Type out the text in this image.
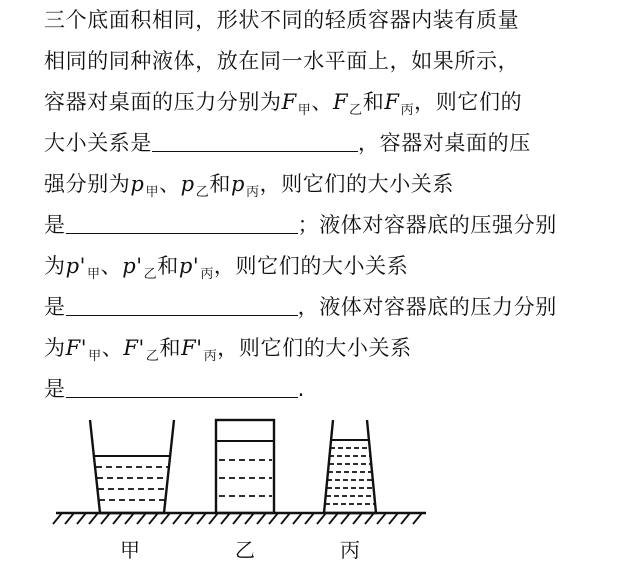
三个底面积相同，形状不同的轻质容器内装有质量
相同的同种液体，放在同一水平面上，如果所示，
容器对桌面的压力分别为$F_甲$、$F_乙$和$F_丙$，则它们的
大小关系是	，容器对桌面的压
强分别为$p_甲$、$p_乙$和$p_丙$，则它们的大小关系
是	；液体对容器底的压强分别
为$p'_甲$、$p'_乙$和$p'_丙$，则它们的大小关系
是	，液体对容器底的压力分别
为$F'_甲$、$F'_乙$和$F'_丙$，则它们的大小关系
是	.
甲	乙	丙
